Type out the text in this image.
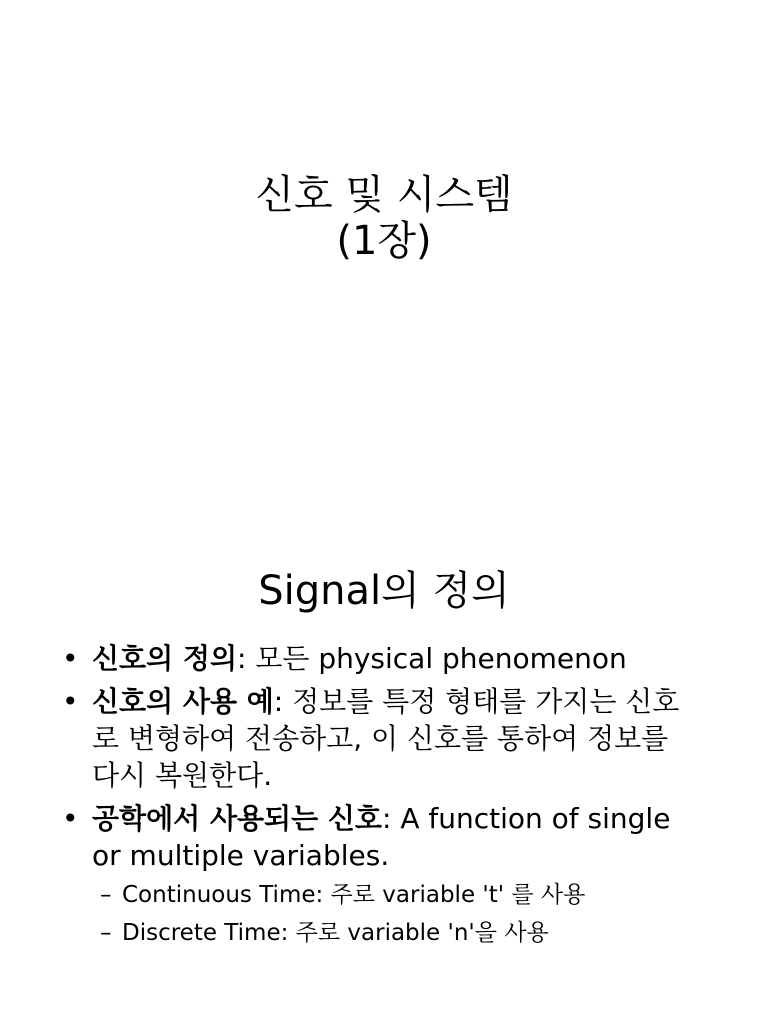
신호 및 시스템
(1장)
Signal의 정의
• 신호의 정의: 모든 physical phenomenon
• 신호의 사용 예: 정보를 특정 형태를 가지는 신호로 변형하여 전송하고, 이 신호를 통하여 정보를 다시 복원한다.
• 공학에서 사용되는 신호: A function of single or multiple variables.
– Continuous Time: 주로 variable 't' 를 사용
– Discrete Time: 주로 variable 'n'을 사용
